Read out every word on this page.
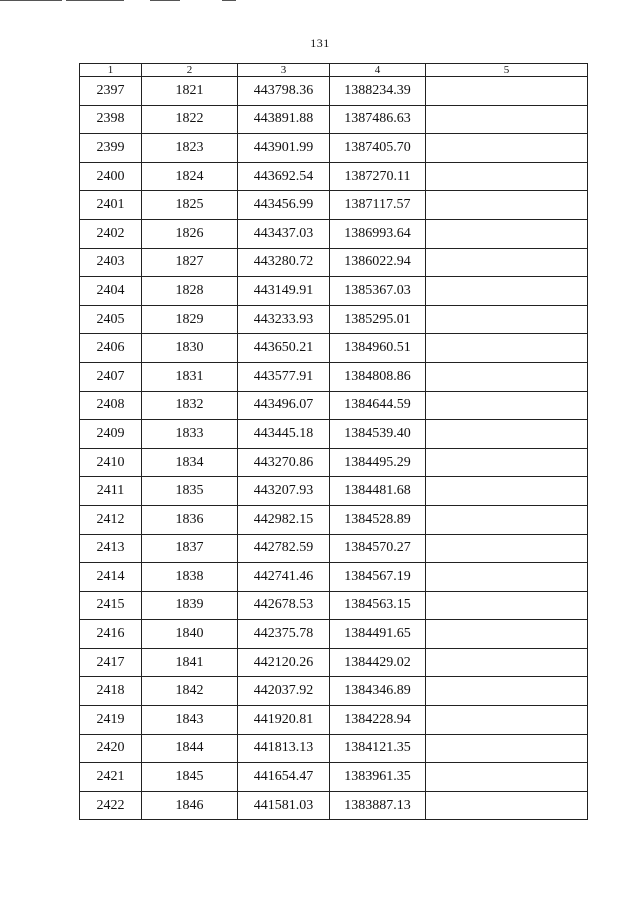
131
1	2	3	4	5
2397	1821	443798.36	1388234.39	
2398	1822	443891.88	1387486.63	
2399	1823	443901.99	1387405.70	
2400	1824	443692.54	1387270.11	
2401	1825	443456.99	1387117.57	
2402	1826	443437.03	1386993.64	
2403	1827	443280.72	1386022.94	
2404	1828	443149.91	1385367.03	
2405	1829	443233.93	1385295.01	
2406	1830	443650.21	1384960.51	
2407	1831	443577.91	1384808.86	
2408	1832	443496.07	1384644.59	
2409	1833	443445.18	1384539.40	
2410	1834	443270.86	1384495.29	
2411	1835	443207.93	1384481.68	
2412	1836	442982.15	1384528.89	
2413	1837	442782.59	1384570.27	
2414	1838	442741.46	1384567.19	
2415	1839	442678.53	1384563.15	
2416	1840	442375.78	1384491.65	
2417	1841	442120.26	1384429.02	
2418	1842	442037.92	1384346.89	
2419	1843	441920.81	1384228.94	
2420	1844	441813.13	1384121.35	
2421	1845	441654.47	1383961.35	
2422	1846	441581.03	1383887.13	
